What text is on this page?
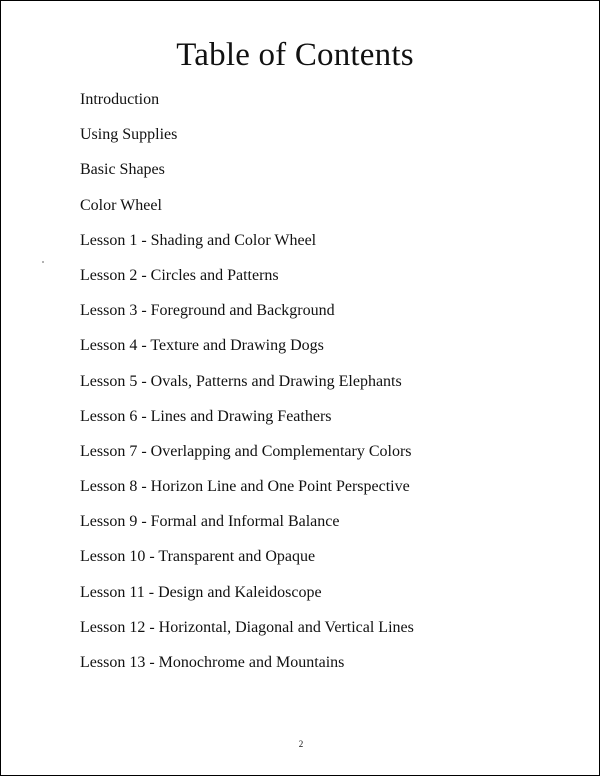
Table of Contents
Introduction
Using Supplies
Basic Shapes
Color Wheel
Lesson 1 - Shading and Color Wheel
Lesson 2 - Circles and Patterns
Lesson 3 - Foreground and Background
Lesson 4 - Texture and Drawing Dogs
Lesson 5 - Ovals, Patterns and Drawing Elephants
Lesson 6 - Lines and Drawing Feathers
Lesson 7 - Overlapping and Complementary Colors
Lesson 8 - Horizon Line and One Point Perspective
Lesson 9 - Formal and Informal Balance
Lesson 10 - Transparent and Opaque
Lesson 11 - Design and Kaleidoscope
Lesson 12 - Horizontal, Diagonal and Vertical Lines
Lesson 13 - Monochrome and Mountains
2
